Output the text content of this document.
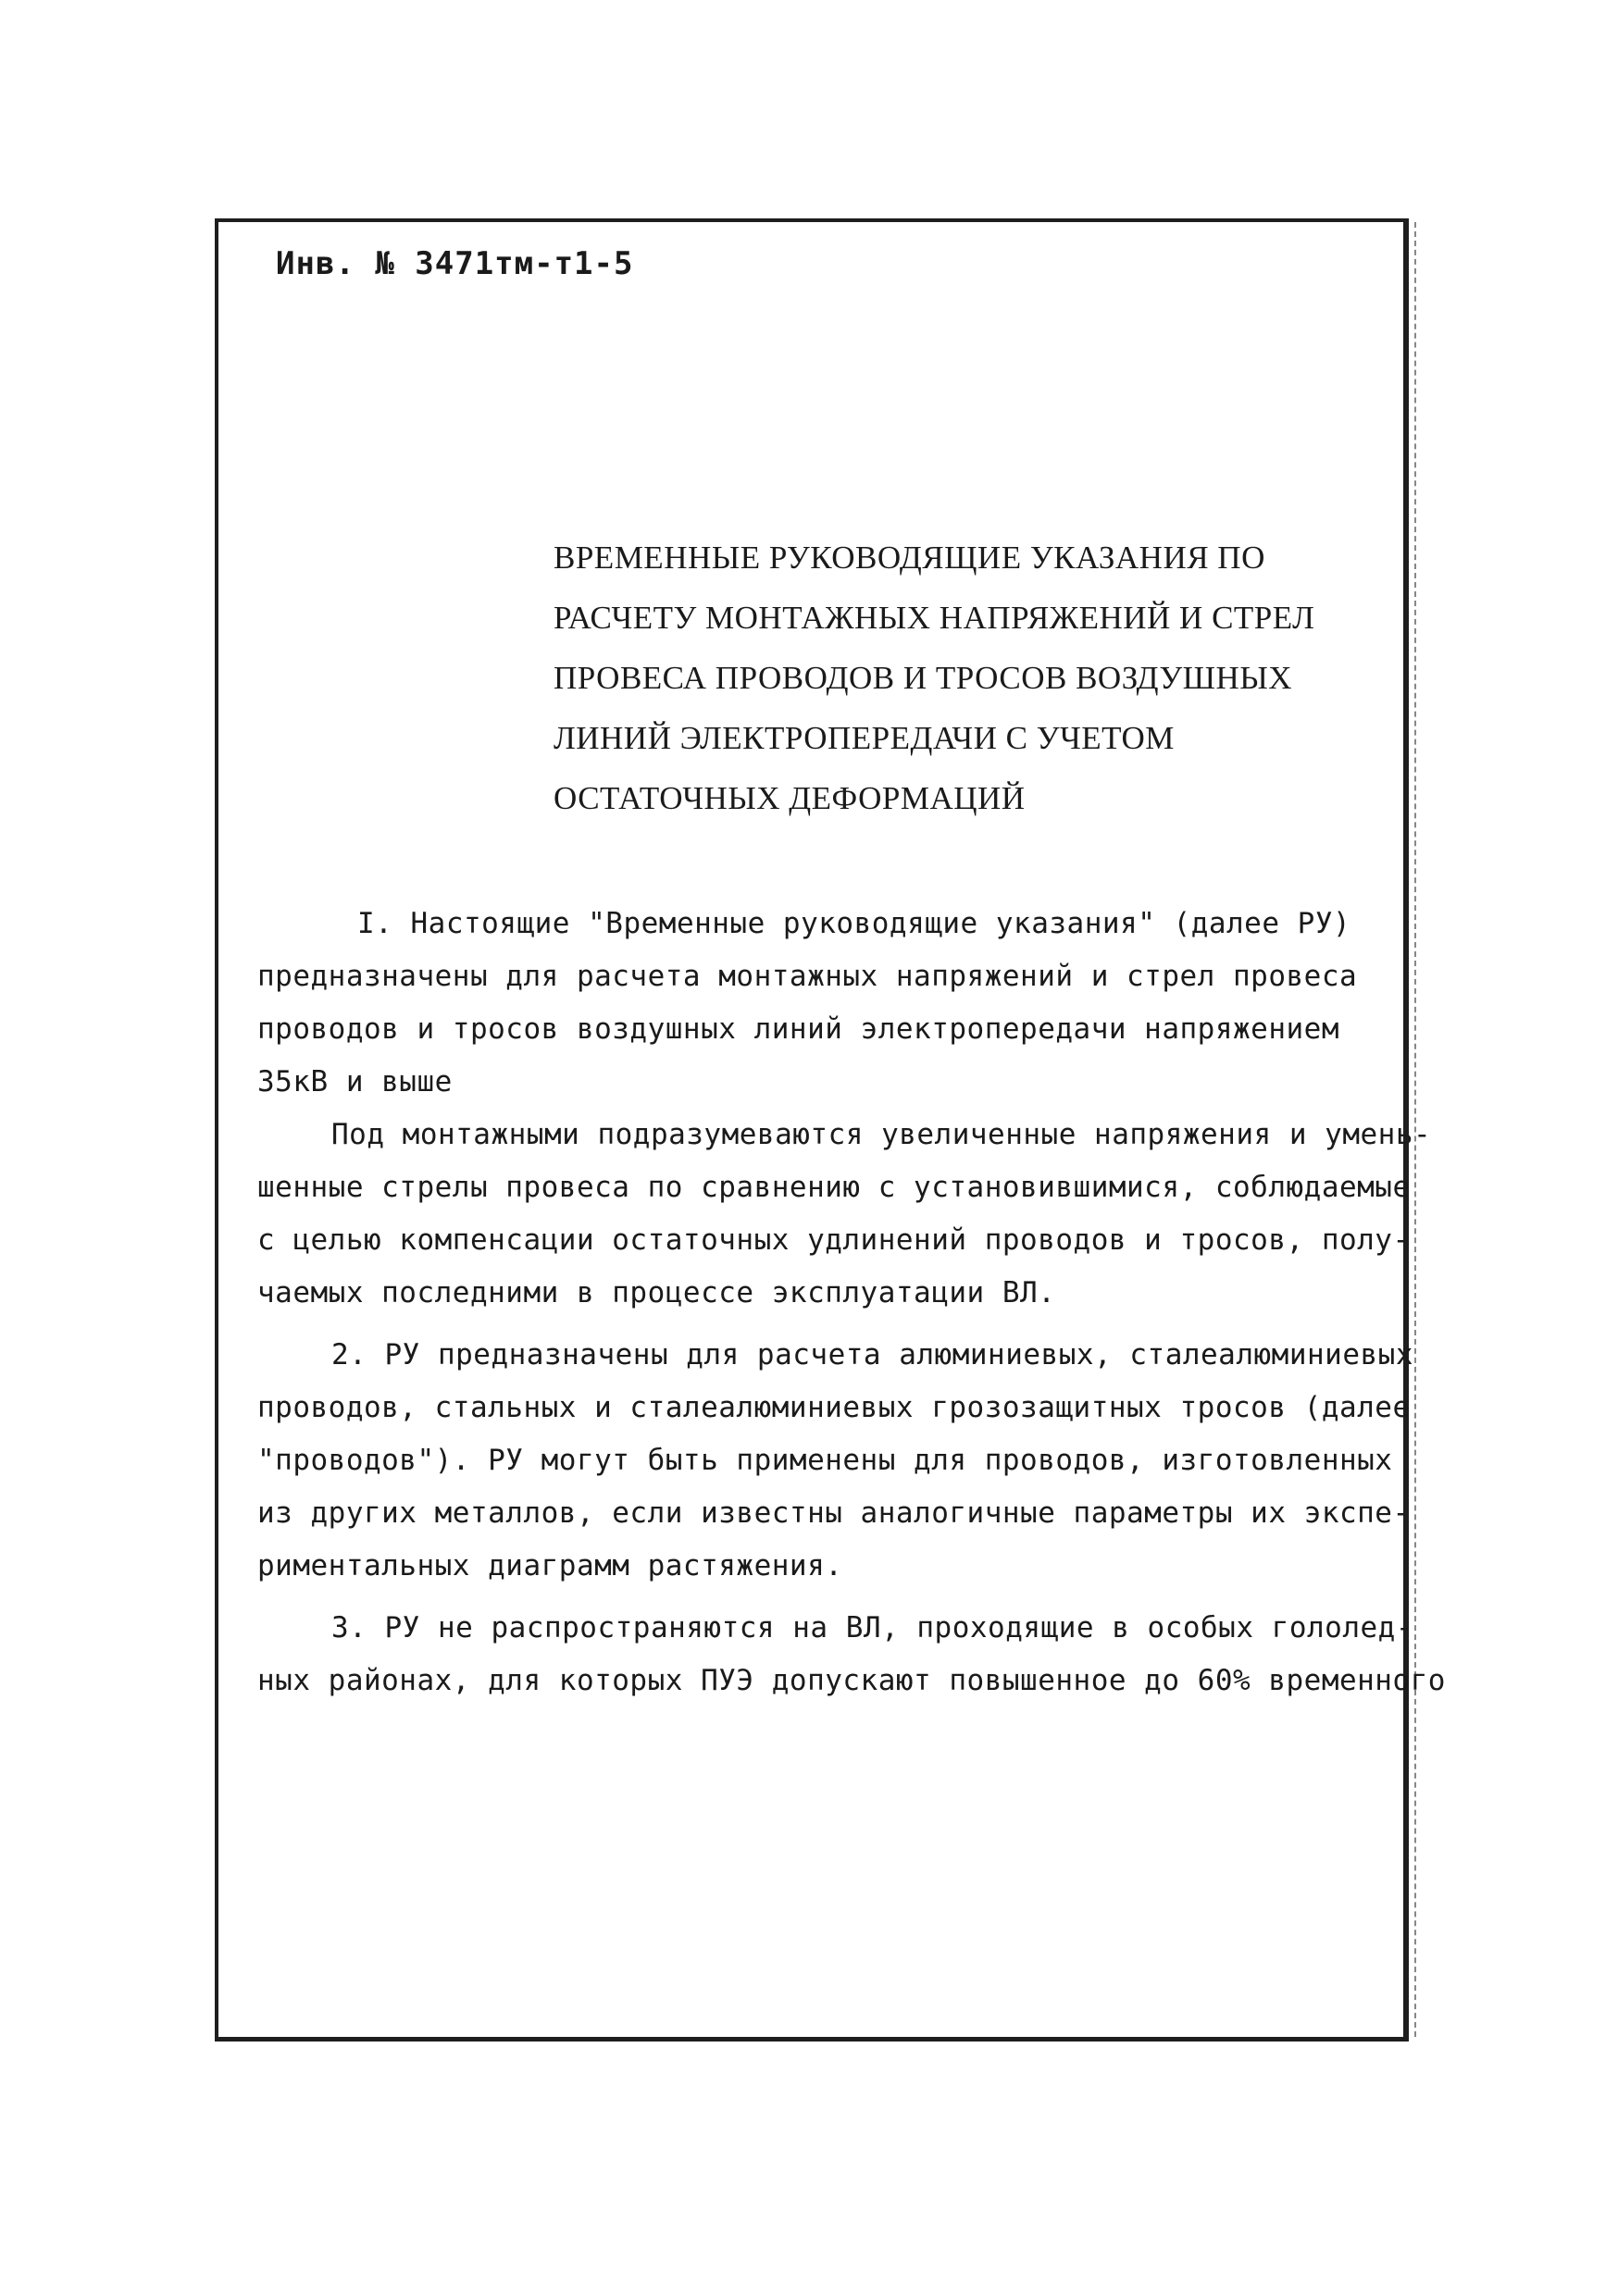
Инв. № 3471тм-т1-5
ВРЕМЕННЫЕ РУКОВОДЯЩИЕ УКАЗАНИЯ ПО
РАСЧЕТУ МОНТАЖНЫХ НАПРЯЖЕНИЙ И СТРЕЛ
ПРОВЕСА ПРОВОДОВ И ТРОСОВ ВОЗДУШНЫХ
ЛИНИЙ ЭЛЕКТРОПЕРЕДАЧИ С УЧЕТОМ
ОСТАТОЧНЫХ ДЕФОРМАЦИЙ
I. Настоящие "Временные руководящие указания" (далее РУ)
предназначены для расчета монтажных напряжений и стрел провеса
проводов и тросов воздушных линий электропередачи напряжением
35кВ и выше
Под монтажными подразумеваются увеличенные напряжения и умень-
шенные стрелы провеса по сравнению с установившимися, соблюдаемые
с целью компенсации остаточных удлинений проводов и тросов, полу-
чаемых последними в процессе эксплуатации ВЛ.
2. РУ предназначены для расчета алюминиевых, сталеалюминиевых
проводов, стальных и сталеалюминиевых грозозащитных тросов (далее
"проводов"). РУ могут быть применены для проводов, изготовленных
из других металлов, если известны аналогичные параметры их экспе-
риментальных диаграмм растяжения.
3. РУ не распространяются на ВЛ, проходящие в особых гололед-
ных районах, для которых ПУЭ допускают повышенное до 60% временного
